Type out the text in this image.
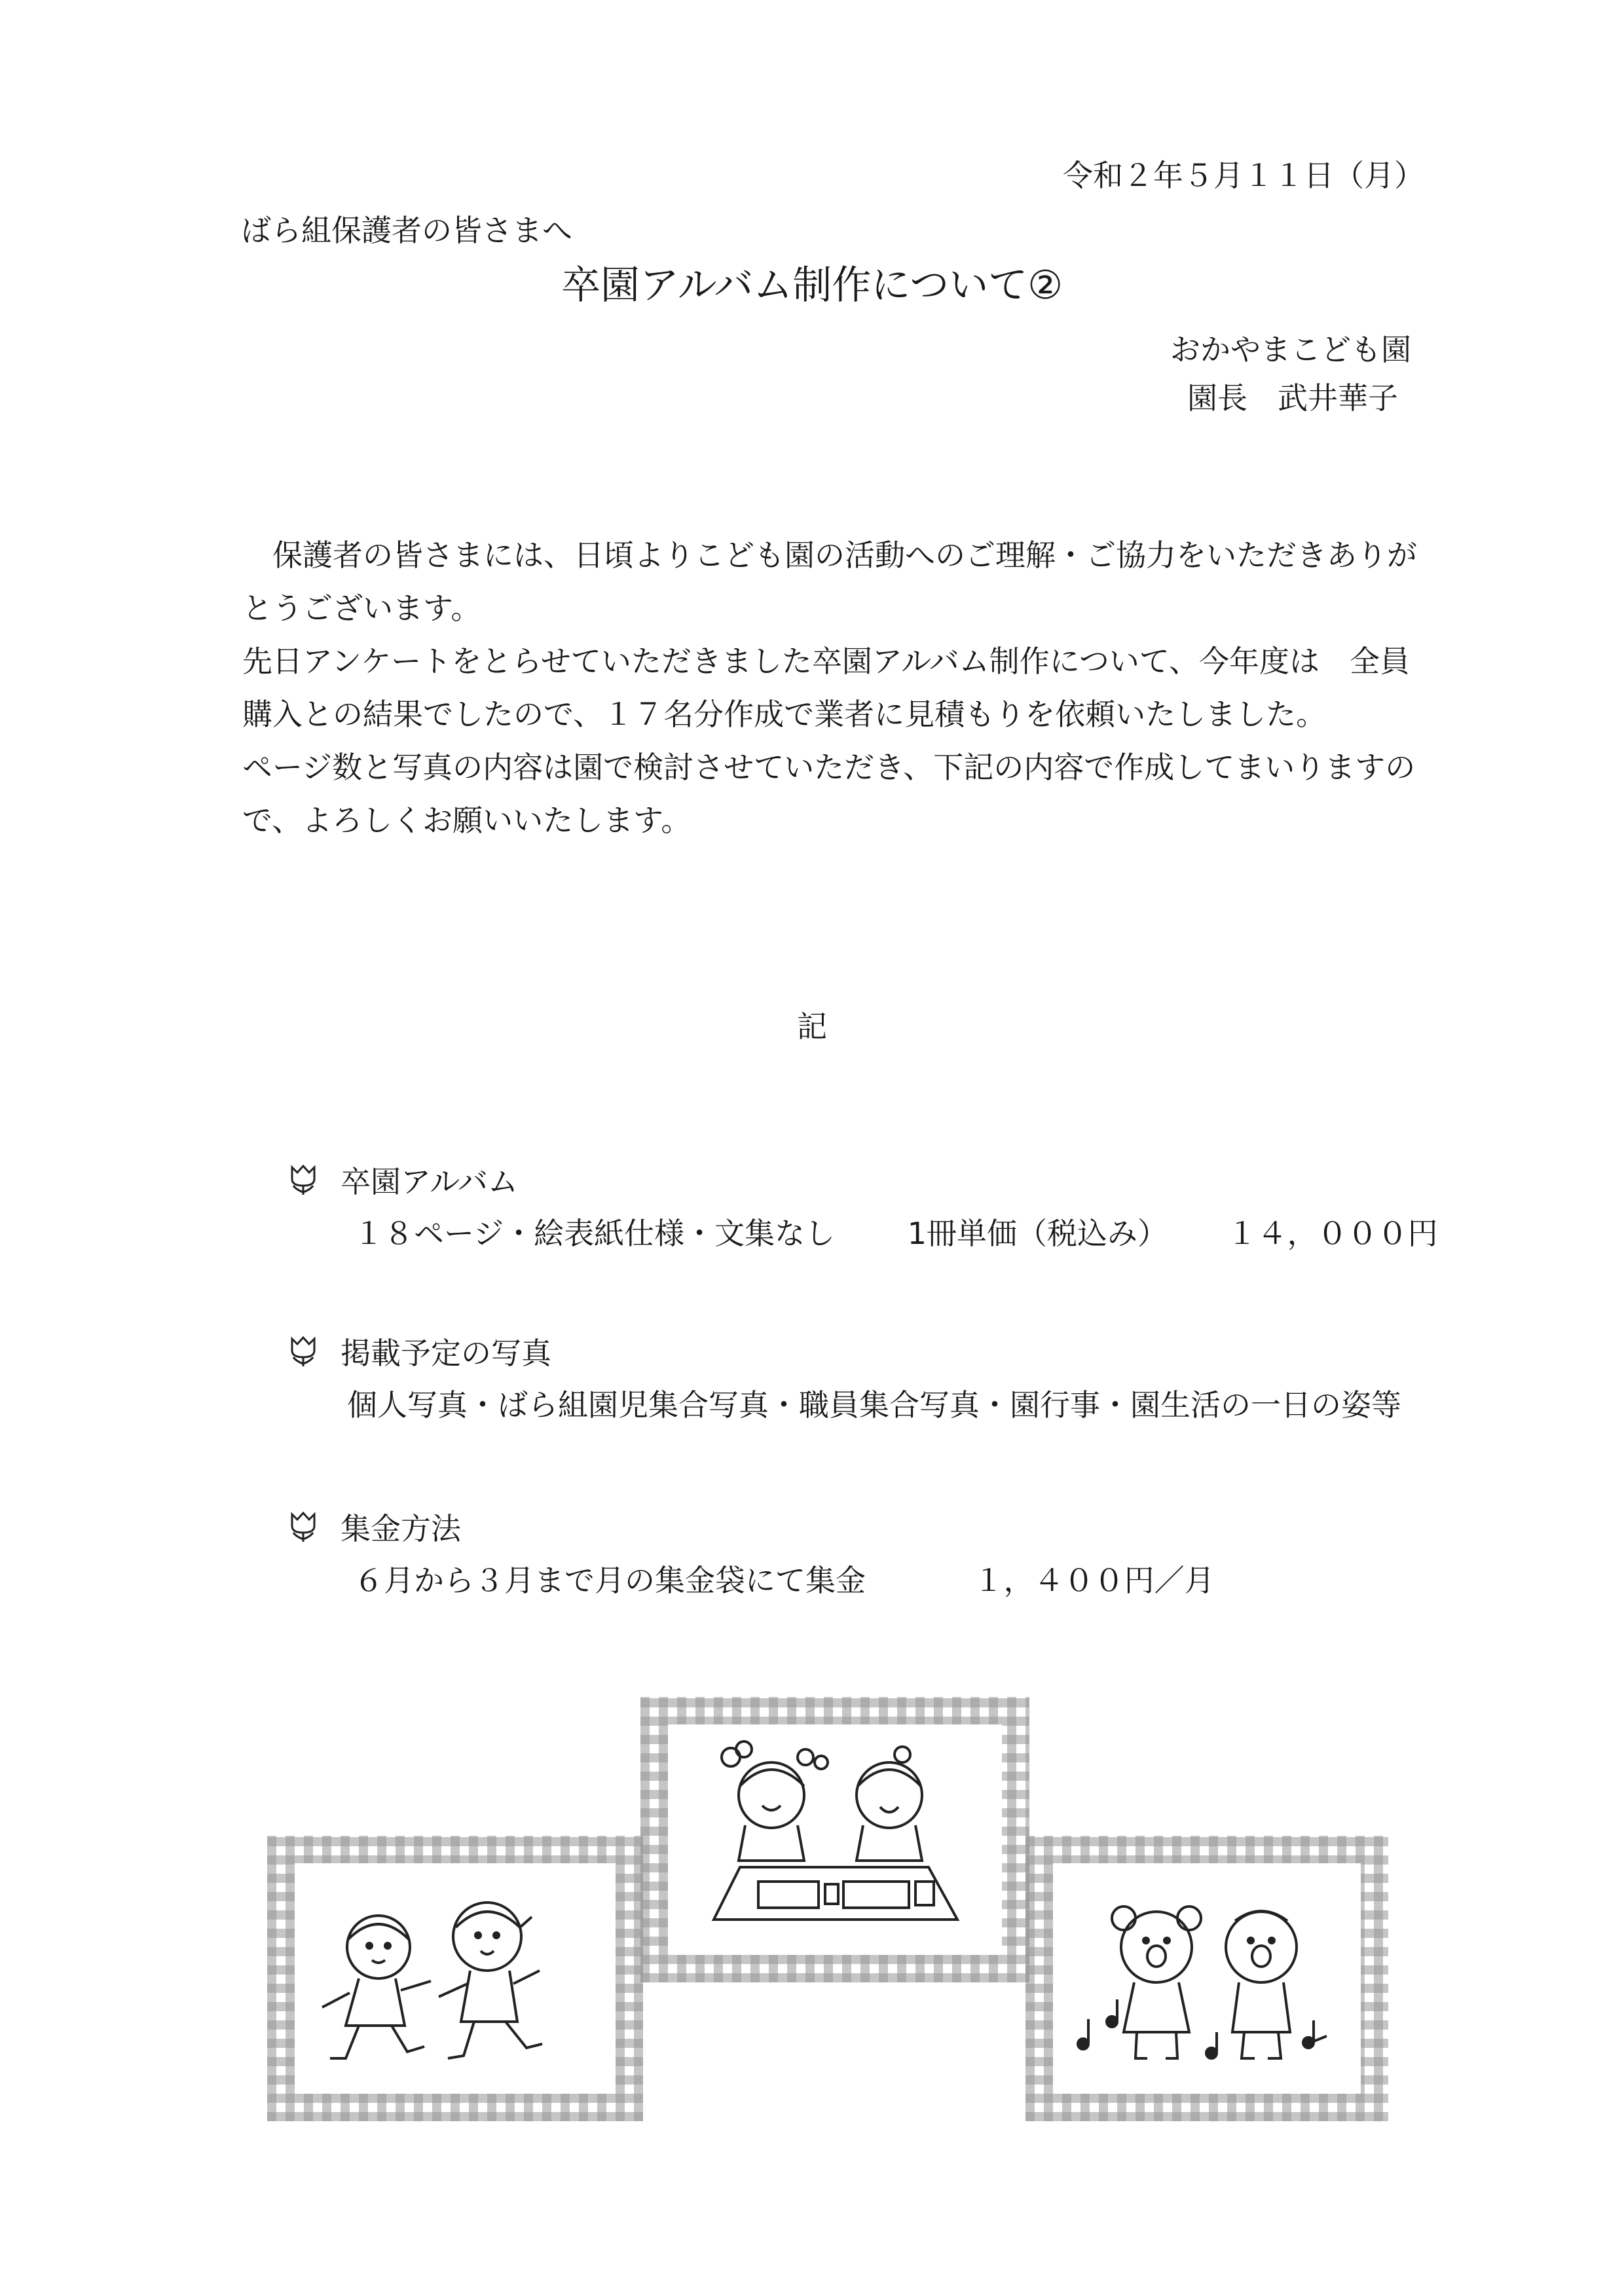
令和２年５月１１日（月）
ばら組保護者の皆さまへ
卒園アルバム制作について②
おかやまこども園
園長　武井華子

　保護者の皆さまには、日頃よりこども園の活動へのご理解・ご協力をいただきありがとうございます。

先日アンケートをとらせていただきました卒園アルバム制作について、今年度は　全員購入との結果でしたので、１７名分作成で業者に見積もりを依頼いたしました。

ページ数と写真の内容は園で検討させていただき、下記の内容で作成してまいりますので、よろしくお願いいたします。

記
卒園アルバム
１８ページ・絵表紙仕様・文集なし 1冊単価（税込み） １４，０００円
掲載予定の写真
個人写真・ばら組園児集合写真・職員集合写真・園行事・園生活の一日の姿等
集金方法
６月から３月まで月の集金袋にて集金	１，４００円／月
